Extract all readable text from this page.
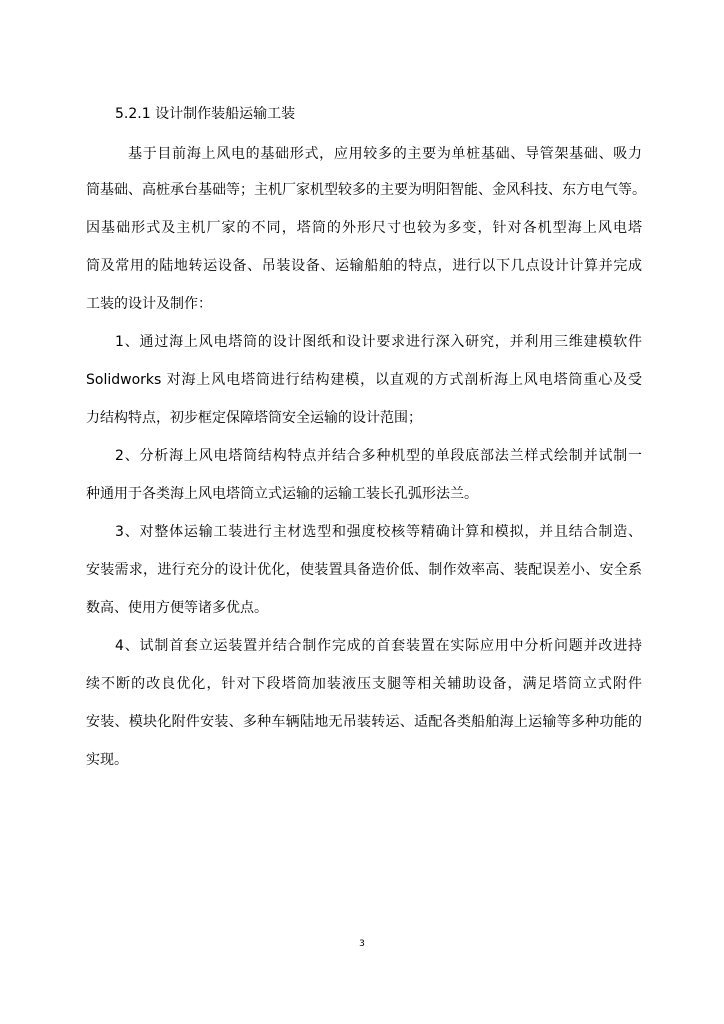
5.2.1 设计制作装船运输工装
基于目前海上风电的基础形式，应用较多的主要为单桩基础、导管架基础、吸力
筒基础、高桩承台基础等；主机厂家机型较多的主要为明阳智能、金风科技、东方电气等。
因基础形式及主机厂家的不同，塔筒的外形尺寸也较为多变，针对各机型海上风电塔
筒及常用的陆地转运设备、吊装设备、运输船舶的特点，进行以下几点设计计算并完成
工装的设计及制作：
1、通过海上风电塔筒的设计图纸和设计要求进行深入研究，并利用三维建模软件
Solidworks 对海上风电塔筒进行结构建模，以直观的方式剖析海上风电塔筒重心及受
力结构特点，初步框定保障塔筒安全运输的设计范围；
2、分析海上风电塔筒结构特点并结合多种机型的单段底部法兰样式绘制并试制一
种通用于各类海上风电塔筒立式运输的运输工装长孔弧形法兰。
3、对整体运输工装进行主材选型和强度校核等精确计算和模拟，并且结合制造、
安装需求，进行充分的设计优化，使装置具备造价低、制作效率高、装配误差小、安全系
数高、使用方便等诸多优点。
4、试制首套立运装置并结合制作完成的首套装置在实际应用中分析问题并改进持
续不断的改良优化，针对下段塔筒加装液压支腿等相关辅助设备，满足塔筒立式附件
安装、模块化附件安装、多种车辆陆地无吊装转运、适配各类船舶海上运输等多种功能的
实现。
3
